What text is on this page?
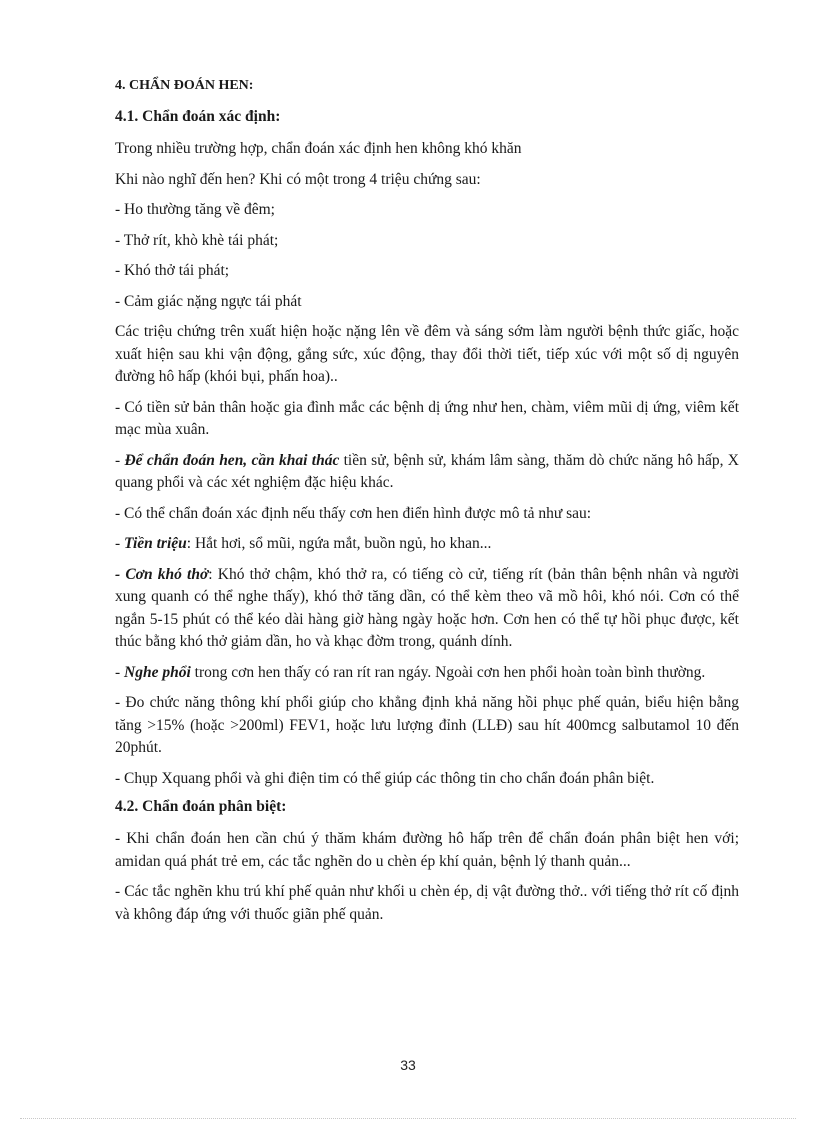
4. CHẨN ĐOÁN HEN:
4.1. Chẩn đoán xác định:

Trong nhiều trường hợp, chẩn đoán xác định hen không khó khăn

Khi nào nghĩ đến hen? Khi có một trong 4 triệu chứng sau:

- Ho thường tăng về đêm;

- Thở rít, khò khè tái phát;

- Khó thở tái phát;

- Cảm giác nặng ngực tái phát

Các triệu chứng trên xuất hiện hoặc nặng lên về đêm và sáng sớm làm người bệnh thức giấc, hoặc xuất hiện sau khi vận động, gắng sức, xúc động, thay đổi thời tiết, tiếp xúc với một số dị nguyên đường hô hấp (khói bụi, phấn hoa)..

- Có tiền sử bản thân hoặc gia đình mắc các bệnh dị ứng như hen, chàm, viêm mũi dị ứng, viêm kết mạc mùa xuân.

- Để chẩn đoán hen, cần khai thác tiền sử, bệnh sử, khám lâm sàng, thăm dò chức năng hô hấp, X quang phổi và các xét nghiệm đặc hiệu khác.

- Có thể chẩn đoán xác định nếu thấy cơn hen điển hình được mô tả như sau:

- Tiền triệu: Hắt hơi, sổ mũi, ngứa mắt, buồn ngủ, ho khan...

- Cơn khó thở: Khó thở chậm, khó thở ra, có tiếng cò cử, tiếng rít (bản thân bệnh nhân và người xung quanh có thể nghe thấy), khó thở tăng dần, có thể kèm theo vã mồ hôi, khó nói. Cơn có thể ngắn 5-15 phút có thể kéo dài hàng giờ hàng ngày hoặc hơn. Cơn hen có thể tự hồi phục được, kết thúc bằng khó thở giảm dần, ho và khạc đờm trong, quánh dính.

- Nghe phổi trong cơn hen thấy có ran rít ran ngáy. Ngoài cơn hen phổi hoàn toàn bình thường.

- Đo chức năng thông khí phổi giúp cho khẳng định khả năng hồi phục phế quản, biểu hiện bằng tăng >15% (hoặc >200ml) FEV1, hoặc lưu lượng đỉnh (LLĐ) sau hít 400mcg salbutamol 10 đến 20phút.

- Chụp Xquang phổi và ghi điện tim có thể giúp các thông tin cho chẩn đoán phân biệt.

4.2. Chẩn đoán phân biệt:

- Khi chẩn đoán hen cần chú ý thăm khám đường hô hấp trên để chẩn đoán phân biệt hen với; amidan quá phát trẻ em, các tắc nghẽn do u chèn ép khí quản, bệnh lý thanh quản...

- Các tắc nghẽn khu trú khí phế quản như khối u chèn ép, dị vật đường thở.. với tiếng thở rít cố định và không đáp ứng với thuốc giãn phế quản.

33
